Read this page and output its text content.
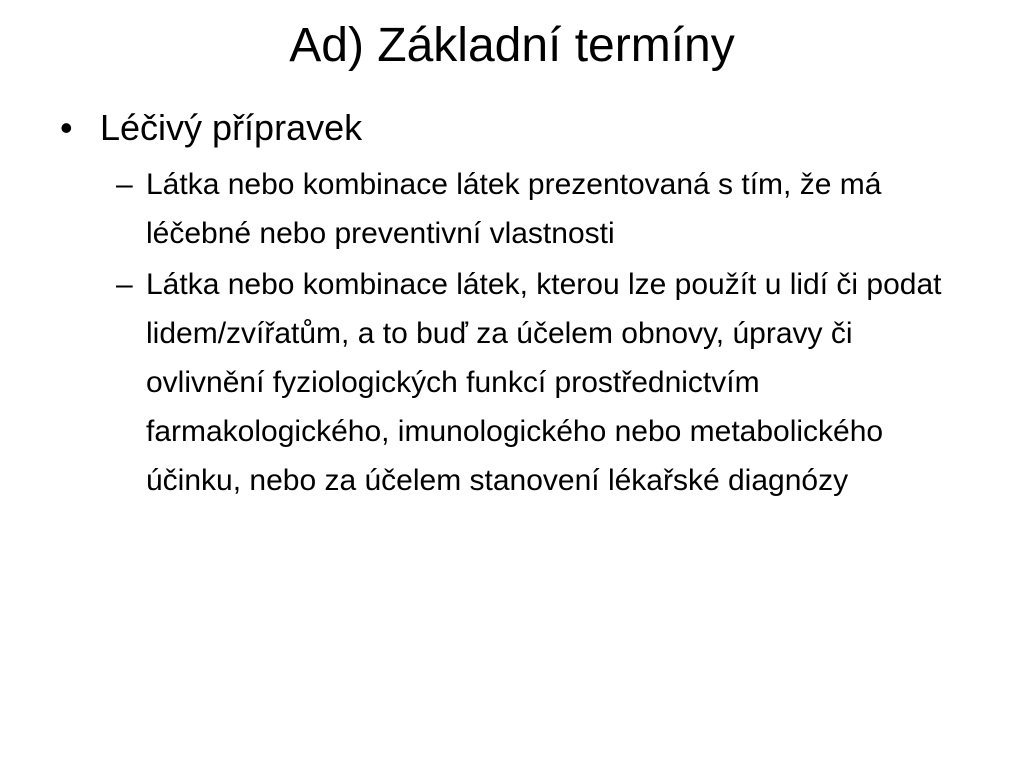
Ad) Základní termíny
• Léčivý přípravek
– Látka nebo kombinace látek prezentovaná s tím, že má léčebné nebo preventivní vlastnosti
– Látka nebo kombinace látek, kterou lze použít u lidí či podat lidem/zvířatům, a to buď za účelem obnovy, úpravy či ovlivnění fyziologických funkcí prostřednictvím farmakologického, imunologického nebo metabolického účinku, nebo za účelem stanovení lékařské diagnózy
